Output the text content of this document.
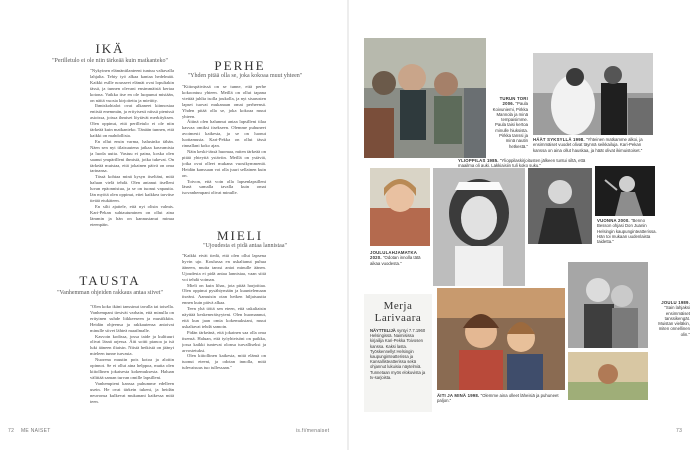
IKÄ
"Perilletulo ei ole niin tärkeää kuin matkanteko"

"Nykyinen elämäntilanteeni tuntuu valtavalla lahjalta. Tehty työ alkaa kantaa hedelmää. Kaikki esille nousseet elämät ovat lopultakin tässä, ja tunnen olevani ensimmäistä kertaa kotona. Vaikka itse en ole luopunut mistään, on näitä vuosia kirjoitettu ja mietitty.

Ihmiskohtalot ovat alkaneet kiinnostaa entistä enemmän, ja erityisesti niissä pienissä asioissa, joissa ihmiset löytävät merkityksen. Olen oppinut, että perilletulo ei ole niin tärkeää kuin matkanteko. Tänään tunnen, että kaikki on mahdollista.

En ollut ensin varma, halusinko tähän. Näen sen nyt tilaisuutena jatkaa kasvamista ja luoda uutta. Vastuu ei paina, koska olen saanut ympärilleni ihmisiä, jotka tukevat. On tärkeää muistaa, että jokainen päivä on oma tarinansa.

Tässä kohtaa minä kysyn itseltäni, mitä haluan vielä tehdä. Olen antanut itselleni luvan epäonnistua, ja se on tuonut vapautta. Iän myötä olen oppinut, ettei kaikkea tarvitse tietää etukäteen.

En silti ajattele, että nyt olisin valmis. Kari-Pekan suhtautuminen on ollut aina lämmin ja hän on kannustanut minua eteenpäin.

TAUSTA
"Vanhemman ohjeiden rakkaus antaa siivet"

"Olen koko ikäni tanssinut tavalla tai toisella. Vanhempani tiesivät varhain, että minulla on erityinen suhde liikkeeseen ja musiikkiin. Heidän ohjeensa ja rakkautensa antoivat minulle siivet lähteä maailmalle.

Kasvoin kodissa, jossa taide ja kulttuuri olivat läsnä arjessa. Äiti soitti pianoa ja isä luki ääneen iltaisin. Niistä hetkistä on jäänyt mieleen tunne turvasta.

Nuorena muutin pois kotoa ja aloitin opinnot. Se ei ollut aina helppoa, mutta olen kiitollinen jokaisesta kokemuksesta. Haluan välittää saman turvan omille lapsilleni.

Vanhempieni kanssa puhumme edelleen usein. He ovat tärkein tukeni, ja heidän neuvonsa kulkevat mukanani kaikessa mitä teen.

PERHE
"Yhden pitää olla se, joka kokoaa muut yhteen"

"Kiitospäivässä on se tunne, että perhe kokoontuu yhteen. Meillä on ollut tapana viettää juhlia isolla joukolla, ja nyt sisarusten lapset tuovat mukanaan omat perheensä. Yhden pitää olla se, joka kokoaa muut yhteen.

Äitinä olen halunnut antaa lapsilleni tilaa kasvaa omiksi itsekseen. Olemme puhuneet avoimesti kaikesta, ja se on luonut luottamusta. Kari-Pekka on ollut tässä rinnallani koko ajan.

Näin keski-iässä huomaa, miten tärkeää on pitää yhteyttä ystäviin. Meillä on ystäviä, jotka ovat olleet mukana vuosikymmeniä. Heidän kanssaan voi olla juuri sellainen kuin on.

Toivon, että voin olla lapsenlapsilleni läsnä samalla tavalla kuin omat isovanhempani olivat minulle.

MIELI
"Ujoudesta ei pidä antaa lannistaa"

"Kaikki eivät tiedä, että olen ollut lapsena hyvin ujo. Koulussa en uskaltanut puhua ääneen, mutta tanssi antoi minulle äänen. Ujoudesta ei pidä antaa lannistaa, vaan siitä voi tehdä voiman.

Mieli on kuin lihas, jota pitää harjoittaa. Olen oppinut pysähtymään ja kuuntelemaan itseäni. Aamuisin otan hetken hiljaisuutta ennen kuin päivä alkaa.

Teen yhä töitä sen eteen, että uskaltaisin näyttää keskeneräisyyteni. Olen huomannut, että kun jaan omia kokemuksiani, muut uskaltavat tehdä samoin.

Pidän tärkeänä, että jokainen saa olla oma itsensä. Haluan, että työyhteisöni on paikka, jossa kaikki tuntevat olonsa turvalliseksi ja arvostetuksi.

Olen kiitollinen kaikesta, mitä elämä on tuonut eteeni, ja odotan innolla, mitä tulevaisuus tuo tullessaan."

TURUN TORI 2006. "Paula Koivuniemi, Pirkka Mannola ja minä tempaisimme. Paula taisi kertoa minulle hiuksista. Pirkka tanssi ja minä nautin hetkestä."
HÄÄT SYKSYLLÄ 1998. "Yhteinen matkamme alkoi, ja ensimmäiset vuodet olivat täynnä seikkailuja. Kari-Pekan kanssa on aina ollut hauskaa, ja häät olivat ikimuistoiset."
YLIOPPILAS 1985. "Ylioppilaskirjoitusten jälkeen tuntui siltä, että maailma oli auki. Lakkiaisiin tuli koko suku."
JOULULAHJAMATKA 2020. "Odotan innolla tätä aikaa vuodesta."
VUONNA 2000. "Benno Besson ohjasi Don Juanin Helsingin kaupunginteatterissa. Hän toi mukaan uudenlaista taidetta."
ÄITI JA MINÄ 1998. "Olemme aina olleet läheisiä ja puhuneet paljon."
JOULU 1989. "Sain lahjaksi ensimmäiset tanssikengät. Muistan vieläkin, miten onnellinen olin."
Merja
Larivaara
NÄYTTELIJÄ syntyi 7.7.1960 Helsingissä. Naimisissa kirjailija Kari-Pekka Toivosen kanssa. Kaksi lasta. Työskennellyt Helsingin kaupunginteatterissa ja Kansallisteatterissa sekä ohjannut lukuisia näytelmiä. Tunnetaan myös elokuvista ja tv-sarjoista.
72 ME NAISET	is.fi/menaiset	73
